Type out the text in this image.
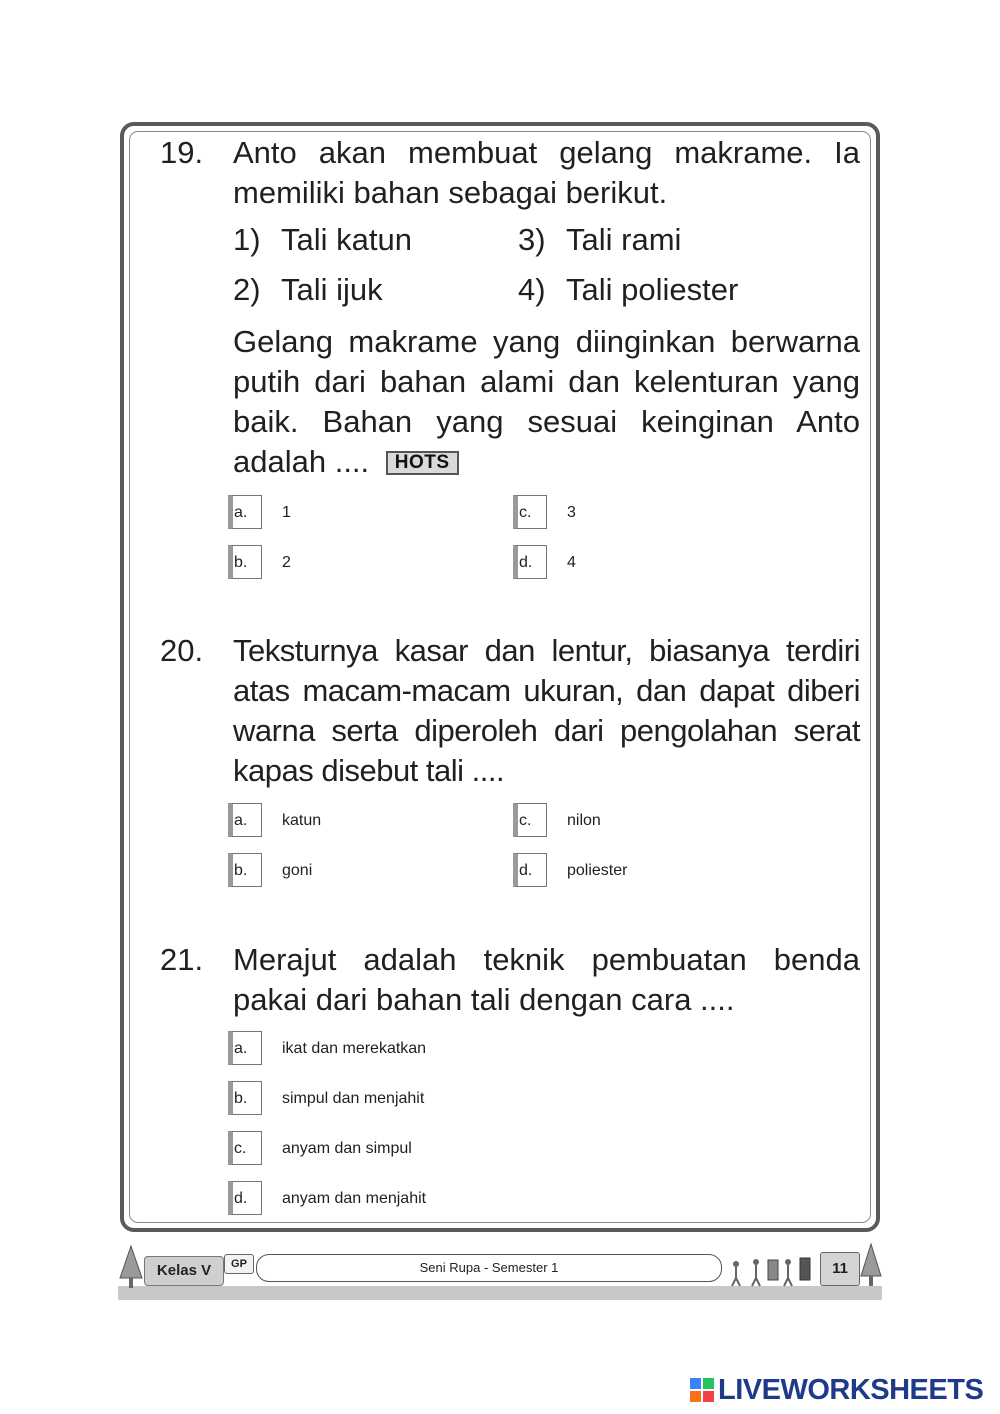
19. Anto akan membuat gelang makrame. Ia memiliki bahan sebagai berikut.
1) Tali katun	3) Tali rami
2) Tali ijuk	4) Tali poliester
Gelang makrame yang diinginkan berwarna putih dari bahan alami dan kelenturan yang baik. Bahan yang sesuai keinginan Anto adalah .... HOTS
a. 1	c. 3
b. 2	d. 4
20. Teksturnya kasar dan lentur, biasanya terdiri atas macam-macam ukuran, dan dapat diberi warna serta diperoleh dari pengolahan serat kapas disebut tali ....
a. katun	c. nilon
b. goni	d. poliester
21. Merajut adalah teknik pembuatan benda pakai dari bahan tali dengan cara ....
a. ikat dan merekatkan
b. simpul dan menjahit
c. anyam dan simpul
d. anyam dan menjahit
Kelas V	GP	Seni Rupa - Semester 1	11
LIVEWORKSHEETS
